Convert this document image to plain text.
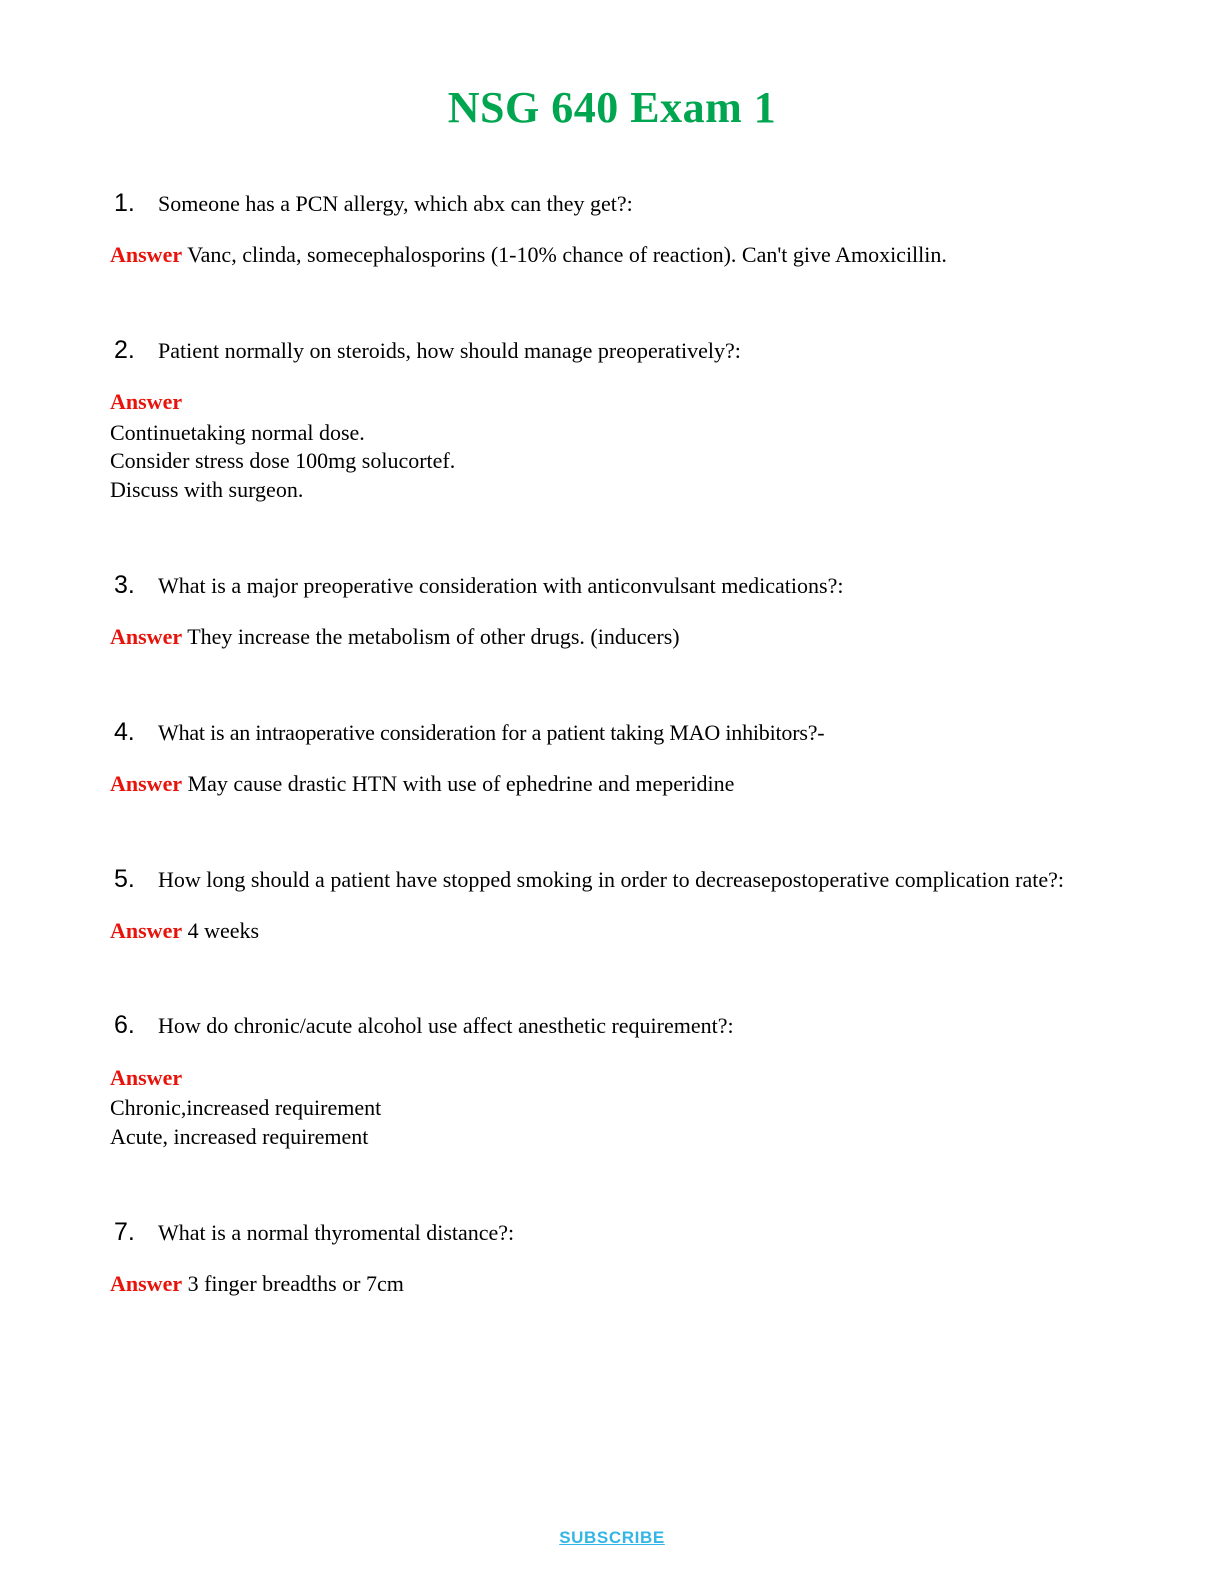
NSG 640 Exam 1

1. Someone has a PCN allergy, which abx can they get?:

Answer Vanc, clinda, somecephalosporins (1-10% chance of reaction). Can't give Amoxicillin.

2. Patient normally on steroids, how should manage preoperatively?:

Answer
Continuetaking normal dose.
Consider stress dose 100mg solucortef.
Discuss with surgeon.

3. What is a major preoperative consideration with anticonvulsant medications?:

Answer They increase the metabolism of other drugs. (inducers)

4. What is an intraoperative consideration for a patient taking MAO inhibitors?-

Answer May cause drastic HTN with use of ephedrine and meperidine

5. How long should a patient have stopped smoking in order to decreasepostoperative complication rate?:

Answer 4 weeks

6. How do chronic/acute alcohol use affect anesthetic requirement?:

Answer
Chronic,increased requirement
Acute, increased requirement

7. What is a normal thyromental distance?:

Answer 3 finger breadths or 7cm
SUBSCRIBE
